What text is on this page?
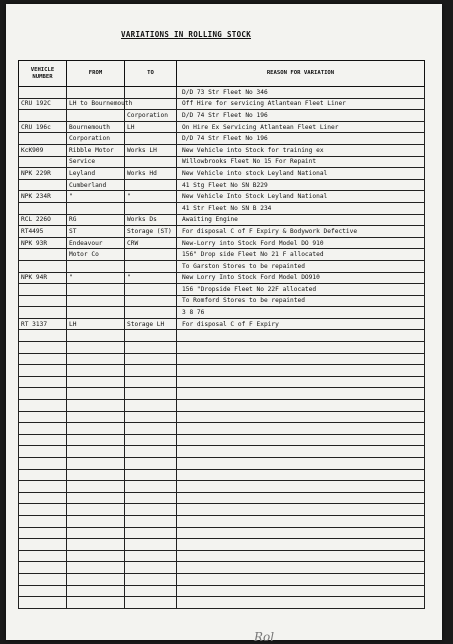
VARIATIONS IN ROLLING STOCK
VEHICLE NUMBER	FROM	TO	REASON FOR VARIATION
			D/D 73 Str Fleet No 346
CRU 192C	LH to Bournemouth		Off Hire for servicing Atlantean Fleet Liner
		Corporation	D/D 74 Str Fleet No 196
CRU 196c	Bournemouth	LH	On Hire Ex Servicing Atlantean Fleet Liner
	Corporation		D/D 74 Str Fleet No 196
KcK909	Ribble Motor	Works LH	New Vehicle into Stock for training ex
	Service		Willowbrooks Fleet No 15 For Repaint
NPK 229R	Leyland	Works Hd	New Vehicle into stock Leyland National
	Cumberland		41 Stg Fleet No SN B229
NPK 234R	"	"	New Vehicle Into Stock Leyland National
			41 Str Fleet No SN B 234
RCL 226O	RG	Works Ds	Awaiting Engine
RT4495	ST	Storage (ST)	For disposal C of F Expiry & Bodywork Defective
NPK 93R	Endeavour	CRW	New-Lorry into Stock Ford Model DO 910
	Motor Co		156" Drop side Fleet No 21 F allocated
			To Garston Stores to be repainted
NPK 94R	"	"	New Lorry Into Stock Ford Model DO910
			156 "Dropside Fleet No 22F allocated
			To Romford Stores to be repainted
			3 8 76
RT 3137	LH	Storage LH	For disposal C of F Expiry

Rol
